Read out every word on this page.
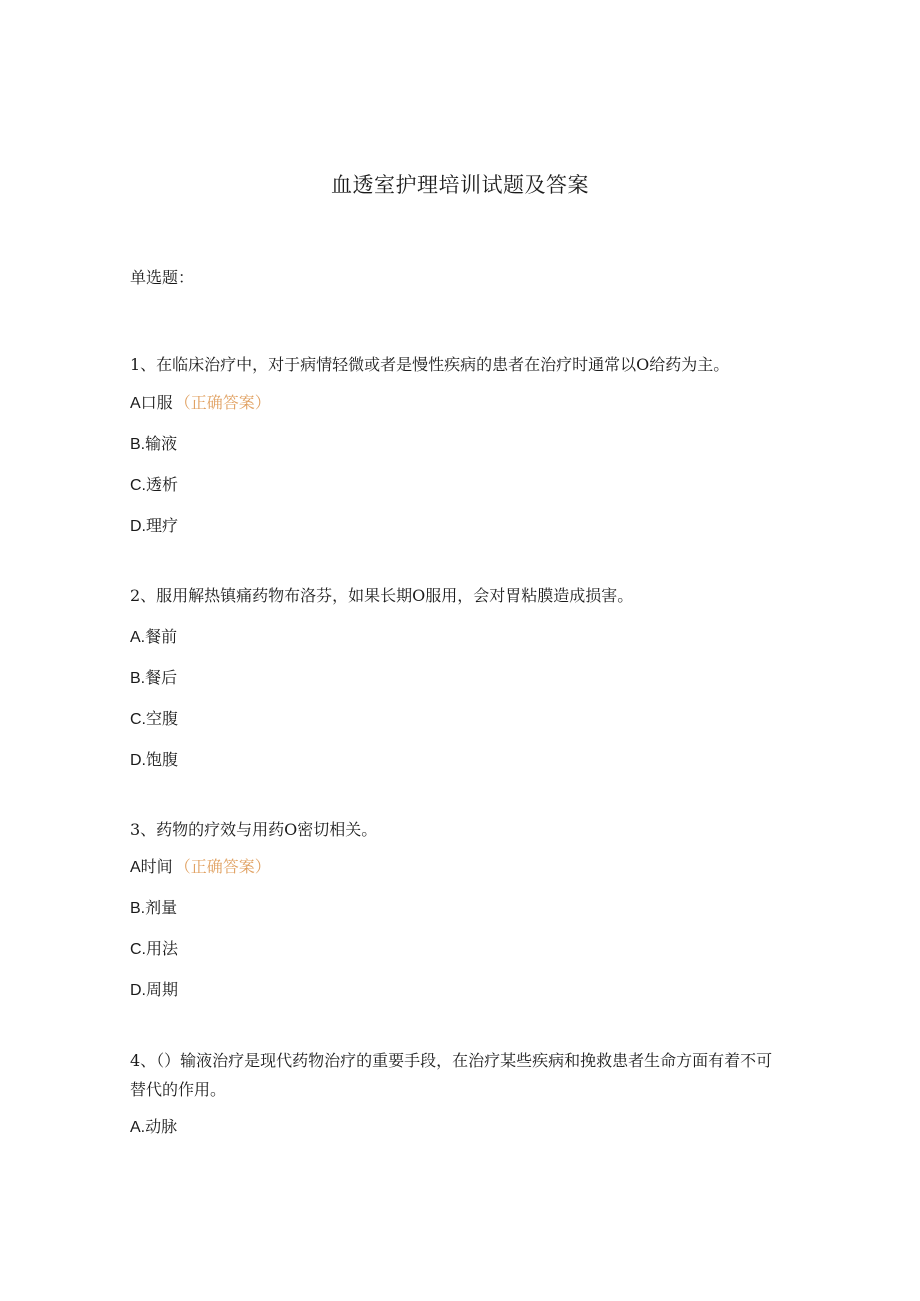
血透室护理培训试题及答案
单选题：
1、在临床治疗中，对于病情轻微或者是慢性疾病的患者在治疗时通常以O给药为主。
A口服 （正确答案）
B.输液
C.透析
D.理疗
2、服用解热镇痛药物布洛芬，如果长期O服用，会对胃粘膜造成损害。
A.餐前
B.餐后
C.空腹
D.饱腹
3、药物的疗效与用药O密切相关。
A时间 （正确答案）
B.剂量
C.用法
D.周期
4、（）输液治疗是现代药物治疗的重要手段，在治疗某些疾病和挽救患者生命方面有着不可替代的作用。
A.动脉
